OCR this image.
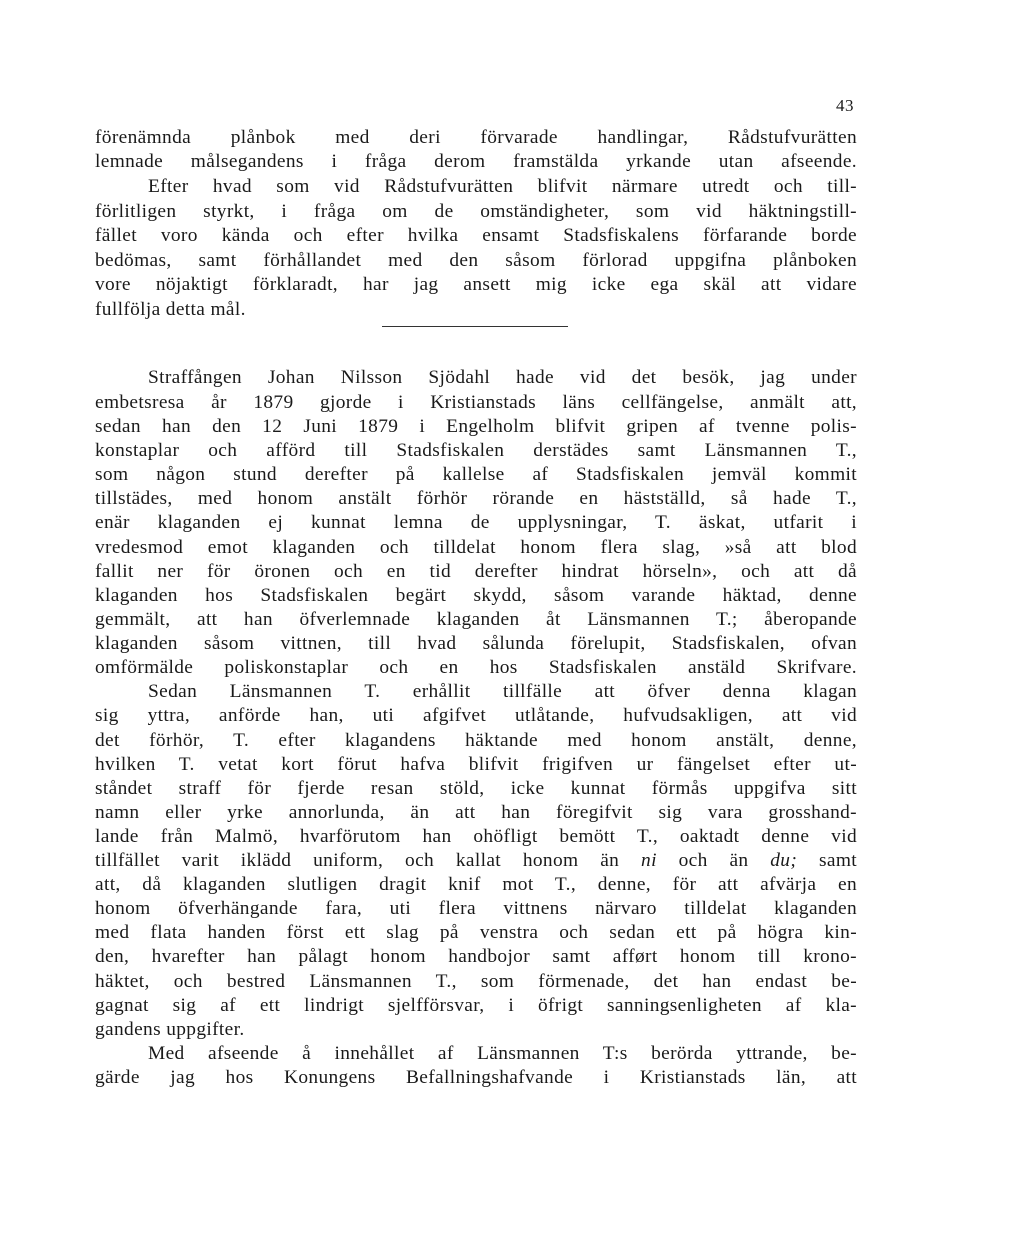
43
förenämnda plånbok med deri förvarade handlingar, Rådstufvurätten
lemnade målsegandens i fråga derom framstälda yrkande utan afseende.
Efter hvad som vid Rådstufvurätten blifvit närmare utredt och till-
förlitligen styrkt, i fråga om de omständigheter, som vid häktningstill-
fället voro kända och efter hvilka ensamt Stadsfiskalens förfarande borde
bedömas, samt förhållandet med den såsom förlorad uppgifna plånboken
vore nöjaktigt förklaradt, har jag ansett mig icke ega skäl att vidare
fullfölja detta mål.
Straffången Johan Nilsson Sjödahl hade vid det besök, jag under
embetsresa år 1879 gjorde i Kristianstads läns cellfängelse, anmält att,
sedan han den 12 Juni 1879 i Engelholm blifvit gripen af tvenne polis-
konstaplar och afförd till Stadsfiskalen derstädes samt Länsmannen T.,
som någon stund derefter på kallelse af Stadsfiskalen jemväl kommit
tillstädes, med honom anstält förhör rörande en hästställd, så hade T.,
enär klaganden ej kunnat lemna de upplysningar, T. äskat, utfarit i
vredesmod emot klaganden och tilldelat honom flera slag, »så att blod
fallit ner för öronen och en tid derefter hindrat hörseln», och att då
klaganden hos Stadsfiskalen begärt skydd, såsom varande häktad, denne
gemmält, att han öfverlemnade klaganden åt Länsmannen T.; åberopande
klaganden såsom vittnen, till hvad sålunda förelupit, Stadsfiskalen, ofvan
omförmälde poliskonstaplar och en hos Stadsfiskalen anstäld Skrifvare.
Sedan Länsmannen T. erhållit tillfälle att öfver denna klagan
sig yttra, anförde han, uti afgifvet utlåtande, hufvudsakligen, att vid
det förhör, T. efter klagandens häktande med honom anstält, denne,
hvilken T. vetat kort förut hafva blifvit frigifven ur fängelset efter ut-
ståndet straff för fjerde resan stöld, icke kunnat förmås uppgifva sitt
namn eller yrke annorlunda, än att han föregifvit sig vara grosshand-
lande från Malmö, hvarförutom han ohöfligt bemött T., oaktadt denne vid
tillfället varit iklädd uniform, och kallat honom än ni och än du; samt
att, då klaganden slutligen dragit knif mot T., denne, för att afvärja en
honom öfverhängande fara, uti flera vittnens närvaro tilldelat klaganden
med flata handen först ett slag på venstra och sedan ett på högra kin-
den, hvarefter han pålagt honom handbojor samt afført honom till krono-
häktet, och bestred Länsmannen T., som förmenade, det han endast be-
gagnat sig af ett lindrigt sjelfförsvar, i öfrigt sanningsenligheten af kla-
gandens uppgifter.
Med afseende å innehållet af Länsmannen T:s berörda yttrande, be-
gärde jag hos Konungens Befallningshafvande i Kristianstads län, att
